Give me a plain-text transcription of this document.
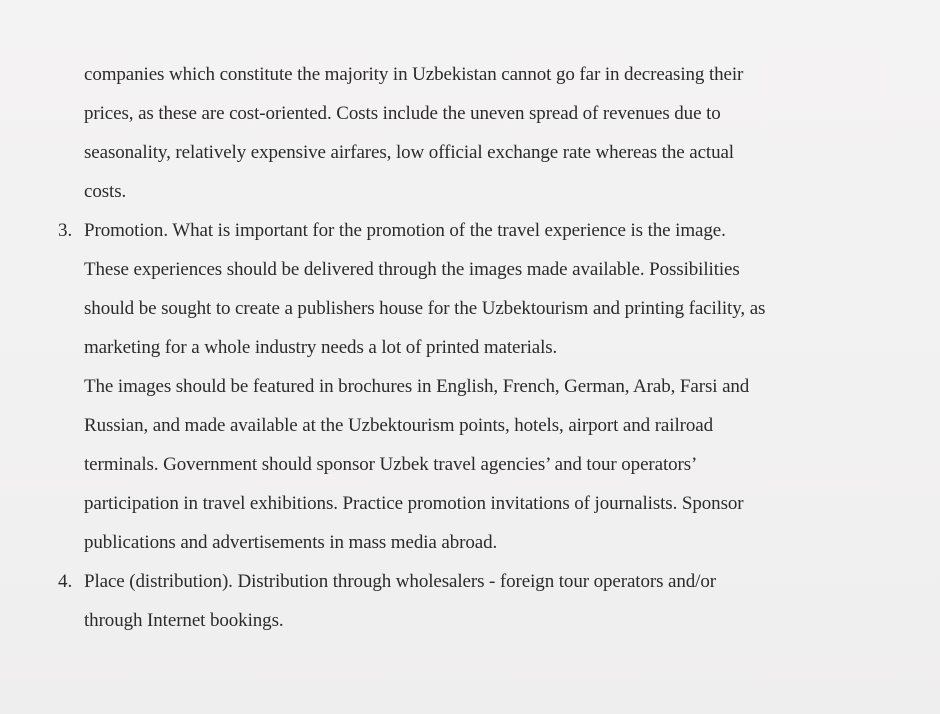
companies which constitute the majority in Uzbekistan cannot go far in decreasing their
prices, as these are cost-oriented. Costs include the uneven spread of revenues due to
seasonality, relatively expensive airfares, low official exchange rate whereas the actual
costs.
3. Promotion. What is important for the promotion of the travel experience is the image.
These experiences should be delivered through the images made available. Possibilities
should be sought to create a publishers house for the Uzbektourism and printing facility, as
marketing for a whole industry needs a lot of printed materials.
The images should be featured in brochures in English, French, German, Arab, Farsi and
Russian, and made available at the Uzbektourism points, hotels, airport and railroad
terminals. Government should sponsor Uzbek travel agencies’ and tour operators’
participation in travel exhibitions. Practice promotion invitations of journalists. Sponsor
publications and advertisements in mass media abroad.
4. Place (distribution). Distribution through wholesalers - foreign tour operators and/or
through Internet bookings.
